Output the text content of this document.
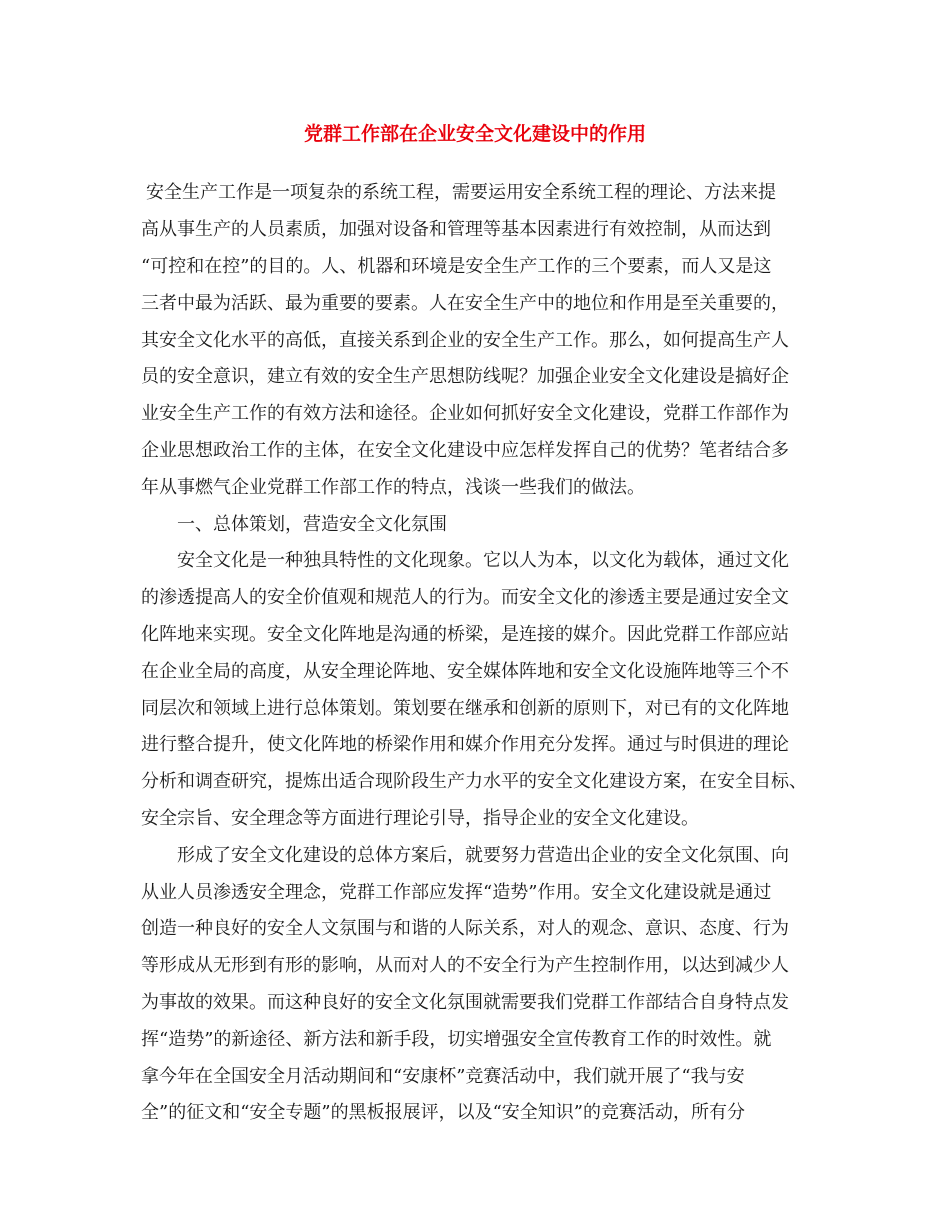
党群工作部在企业安全文化建设中的作用

安全生产工作是一项复杂的系统工程，需要运用安全系统工程的理论、方法来提

高从事生产的人员素质，加强对设备和管理等基本因素进行有效控制，从而达到

“可控和在控”的目的。人、机器和环境是安全生产工作的三个要素，而人又是这

三者中最为活跃、最为重要的要素。人在安全生产中的地位和作用是至关重要的，

其安全文化水平的高低，直接关系到企业的安全生产工作。那么，如何提高生产人

员的安全意识，建立有效的安全生产思想防线呢？加强企业安全文化建设是搞好企

业安全生产工作的有效方法和途径。企业如何抓好安全文化建设，党群工作部作为

企业思想政治工作的主体，在安全文化建设中应怎样发挥自己的优势？笔者结合多

年从事燃气企业党群工作部工作的特点，浅谈一些我们的做法。

一、总体策划，营造安全文化氛围

安全文化是一种独具特性的文化现象。它以人为本，以文化为载体，通过文化

的渗透提高人的安全价值观和规范人的行为。而安全文化的渗透主要是通过安全文

化阵地来实现。安全文化阵地是沟通的桥梁，是连接的媒介。因此党群工作部应站

在企业全局的高度，从安全理论阵地、安全媒体阵地和安全文化设施阵地等三个不

同层次和领域上进行总体策划。策划要在继承和创新的原则下，对已有的文化阵地

进行整合提升，使文化阵地的桥梁作用和媒介作用充分发挥。通过与时俱进的理论

分析和调查研究，提炼出适合现阶段生产力水平的安全文化建设方案，在安全目标、

安全宗旨、安全理念等方面进行理论引导，指导企业的安全文化建设。

形成了安全文化建设的总体方案后，就要努力营造出企业的安全文化氛围、向

从业人员渗透安全理念，党群工作部应发挥“造势”作用。安全文化建设就是通过

创造一种良好的安全人文氛围与和谐的人际关系，对人的观念、意识、态度、行为

等形成从无形到有形的影响，从而对人的不安全行为产生控制作用，以达到减少人

为事故的效果。而这种良好的安全文化氛围就需要我们党群工作部结合自身特点发

挥“造势”的新途径、新方法和新手段，切实增强安全宣传教育工作的时效性。就

拿今年在全国安全月活动期间和“安康杯”竞赛活动中，我们就开展了“我与安

全”的征文和“安全专题”的黑板报展评，以及“安全知识”的竞赛活动，所有分
